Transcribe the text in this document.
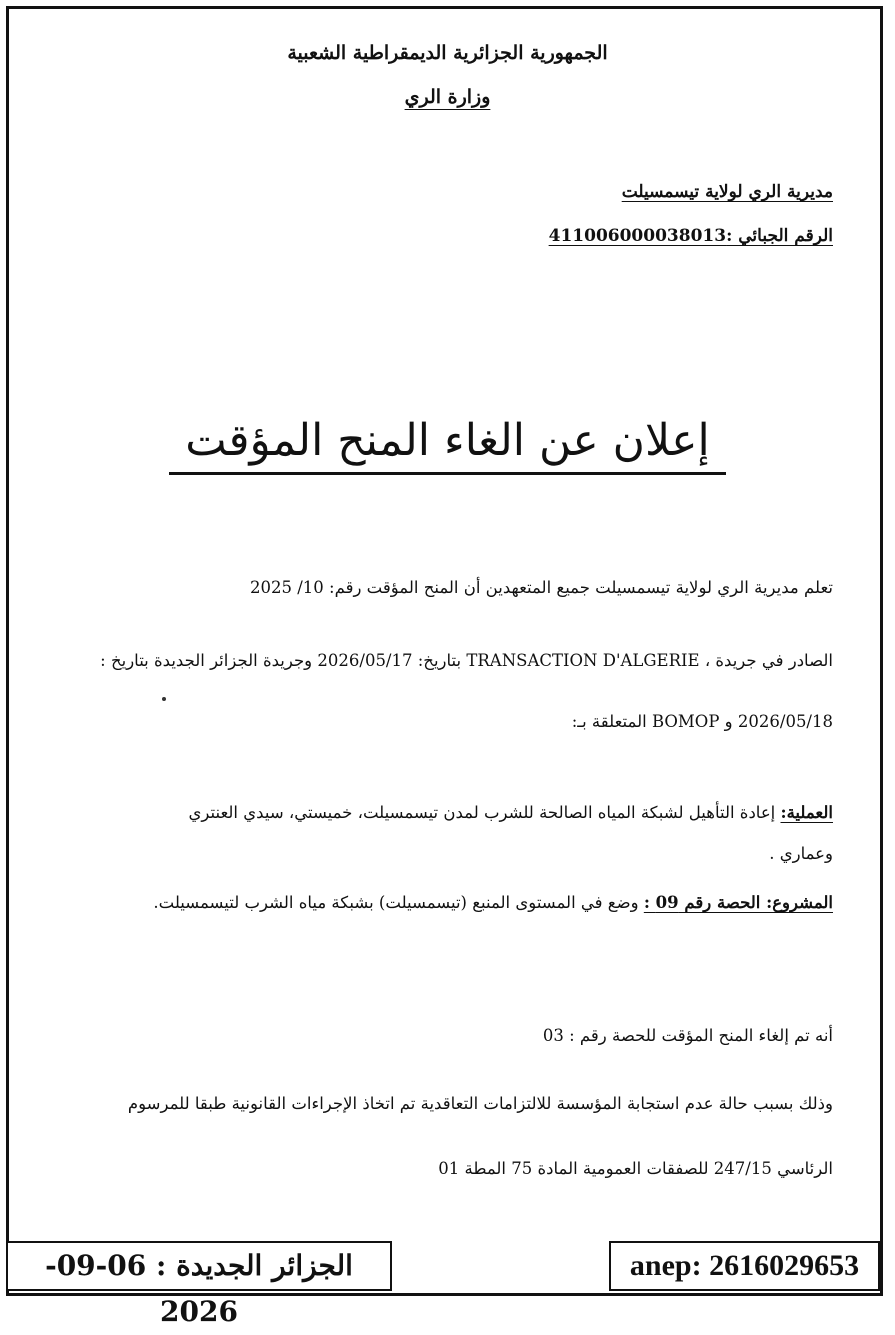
الجمهورية الجزائرية الديمقراطية الشعبية
وزارة الري
مديرية الري لولاية تيسمسيلت
الرقم الجبائي :411006000038013
إعلان عن الغاء المنح المؤقت
تعلم مديرية الري لولاية تيسمسيلت جميع المتعهدين أن المنح المؤقت رقم: 10/ 2025
الصادر في جريدة ، TRANSACTION D'ALGERIE بتاريخ: 2026/05/17 وجريدة الجزائر الجديدة بتاريخ :
2026/05/18 و BOMOP المتعلقة بـ:
العملية: إعادة التأهيل لشبكة المياه الصالحة للشرب لمدن تيسمسيلت، خميستي، سيدي العنتري
وعماري .
المشروع: الحصة رقم 09 : وضع في المستوى المنبع (تيسمسيلت) بشبكة مياه الشرب لتيسمسيلت.
أنه تم إلغاء المنح المؤقت للحصة رقم : 03
وذلك بسبب حالة عدم استجابة المؤسسة للالتزامات التعاقدية تم اتخاذ الإجراءات القانونية طبقا للمرسوم
الرئاسي 247/15 للصفقات العمومية المادة 75 المطة 01
الجزائر الجديدة : 06-09-2026
anep: 2616029653
